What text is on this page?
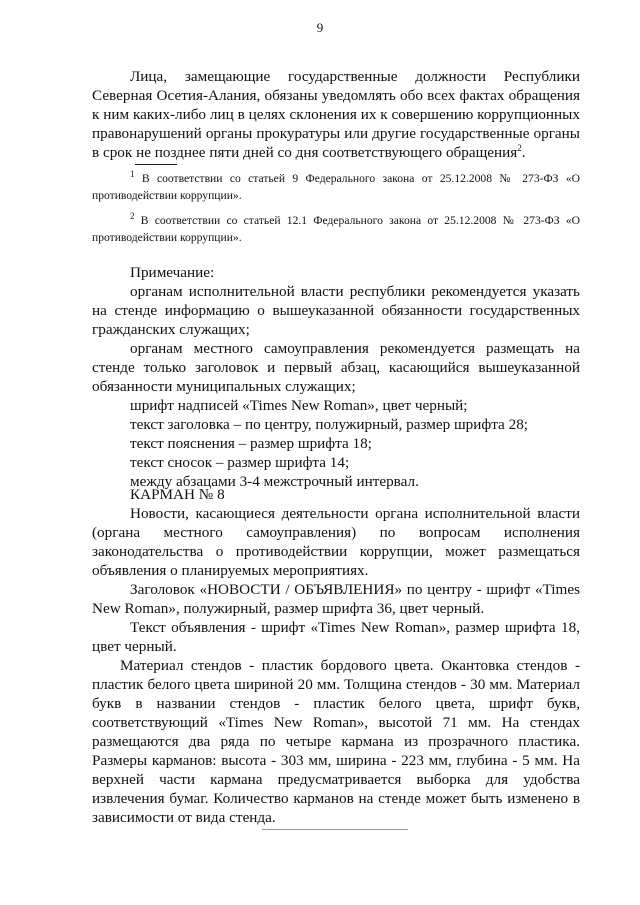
9
Лица, замещающие государственные должности Республики Северная Осетия-Алания, обязаны уведомлять обо всех фактах обращения к ним каких-либо лиц в целях склонения их к совершению коррупционных правонарушений органы прокуратуры или другие государственные органы в срок не позднее пяти дней со дня соответствующего обращения$^2$.
$^1$ В соответствии со статьей 9 Федерального закона от 25.12.2008 № 273-ФЗ «О противодействии коррупции».
$^2$ В соответствии со статьей 12.1 Федерального закона от 25.12.2008 № 273-ФЗ «О противодействии коррупции».
Примечание:
органам исполнительной власти республики рекомендуется указать на стенде информацию о вышеуказанной обязанности государственных гражданских служащих;
органам местного самоуправления рекомендуется размещать на стенде только заголовок и первый абзац, касающийся вышеуказанной обязанности муниципальных служащих;
шрифт надписей «Times New Roman», цвет черный;
текст заголовка – по центру, полужирный, размер шрифта 28;
текст пояснения – размер шрифта 18;
текст сносок – размер шрифта 14;
между абзацами 3-4 межстрочный интервал.
КАРМАН № 8
Новости, касающиеся деятельности органа исполнительной власти (органа местного самоуправления) по вопросам исполнения законодательства о противодействии коррупции, может размещаться объявления о планируемых мероприятиях.
Заголовок «НОВОСТИ / ОБЪЯВЛЕНИЯ» по центру - шрифт «Times New Roman», полужирный, размер шрифта 36, цвет черный.
Текст объявления - шрифт «Times New Roman», размер шрифта 18, цвет черный.
Материал стендов - пластик бордового цвета. Окантовка стендов - пластик белого цвета шириной 20 мм. Толщина стендов - 30 мм. Материал букв в названии стендов - пластик белого цвета, шрифт букв, соответствующий «Times New Roman», высотой 71 мм. На стендах размещаются два ряда по четыре кармана из прозрачного пластика. Размеры карманов: высота - 303 мм, ширина - 223 мм, глубина - 5 мм. На верхней части кармана предусматривается выборка для удобства извлечения бумаг. Количество карманов на стенде может быть изменено в зависимости от вида стенда.
